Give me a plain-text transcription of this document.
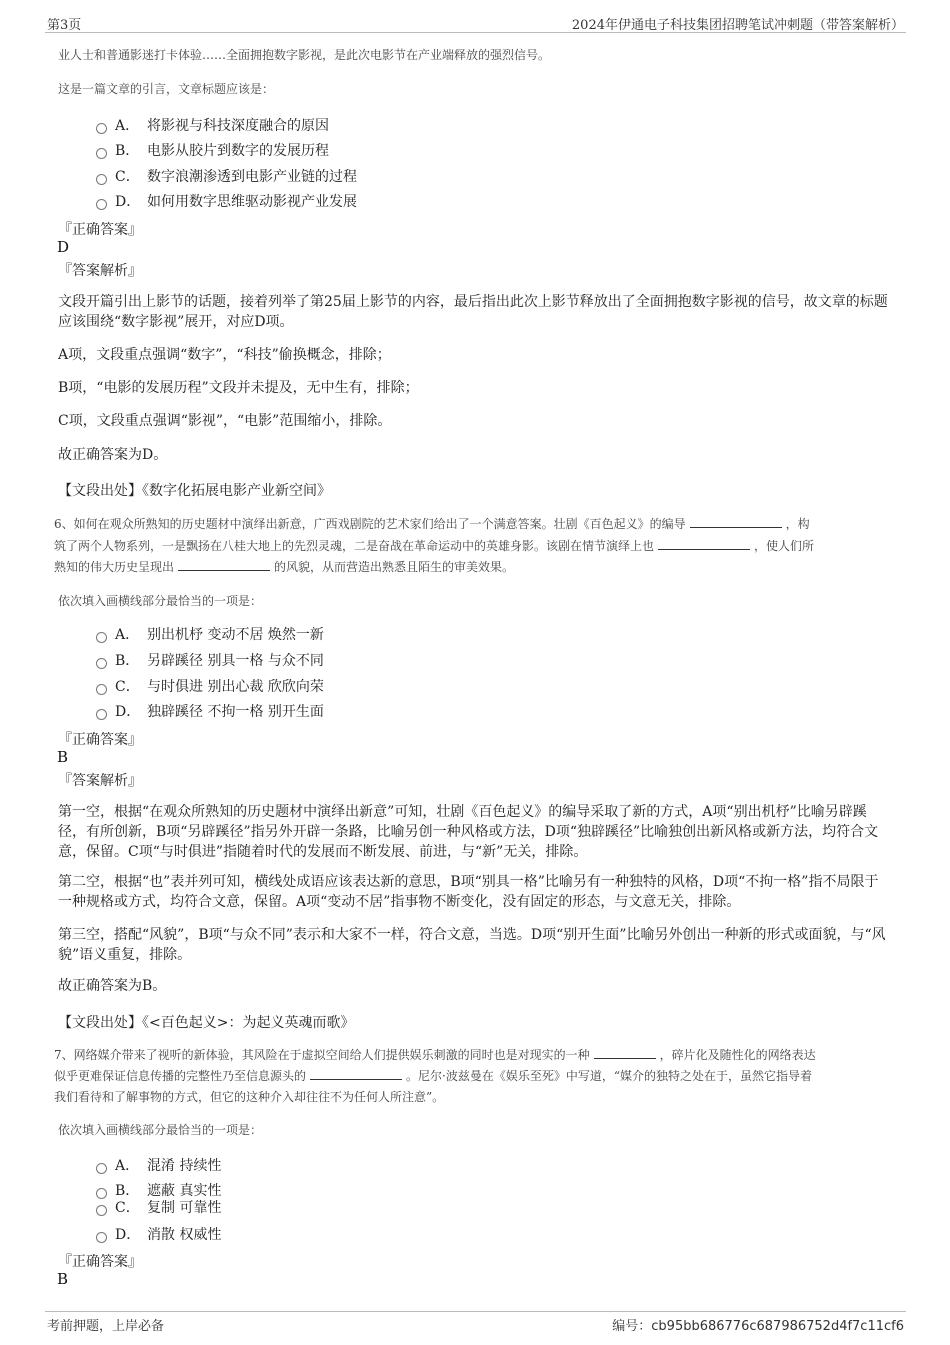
第3页	2024年伊通电子科技集团招聘笔试冲刺题（带答案解析）
业人士和普通影迷打卡体验……全面拥抱数字影视，是此次电影节在产业端释放的强烈信号。
这是一篇文章的引言，文章标题应该是：
A． 将影视与科技深度融合的原因
B． 电影从胶片到数字的发展历程
C． 数字浪潮渗透到电影产业链的过程
D． 如何用数字思维驱动影视产业发展
『正确答案』
D
『答案解析』
文段开篇引出上影节的话题，接着列举了第25届上影节的内容，最后指出此次上影节释放出了全面拥抱数字影视的信号，故文章的标题应该围绕“数字影视”展开，对应D项。
A项，文段重点强调“数字”，“科技”偷换概念，排除；
B项，“电影的发展历程”文段并未提及，无中生有，排除；
C项，文段重点强调“影视”，“电影”范围缩小，排除。
故正确答案为D。
【文段出处】《数字化拓展电影产业新空间》
6、如何在观众所熟知的历史题材中演绎出新意，广西戏剧院的艺术家们给出了一个满意答案。壮剧《百色起义》的编导	，构
筑了两个人物系列，一是飘扬在八桂大地上的先烈灵魂，二是奋战在革命运动中的英雄身影。该剧在情节演绎上也	，使人们所
熟知的伟大历史呈现出	的风貌，从而营造出熟悉且陌生的审美效果。
依次填入画横线部分最恰当的一项是：
A． 别出机杼 变动不居 焕然一新
B． 另辟蹊径 别具一格 与众不同
C． 与时俱进 别出心裁 欣欣向荣
D． 独辟蹊径 不拘一格 别开生面
『正确答案』
B
『答案解析』
第一空，根据“在观众所熟知的历史题材中演绎出新意”可知，壮剧《百色起义》的编导采取了新的方式，A项“别出机杼”比喻另辟蹊径，有所创新，B项“另辟蹊径”指另外开辟一条路，比喻另创一种风格或方法，D项“独辟蹊径”比喻独创出新风格或新方法，均符合文意，保留。C项“与时俱进”指随着时代的发展而不断发展、前进，与“新”无关，排除。
第二空，根据“也”表并列可知，横线处成语应该表达新的意思，B项“别具一格”比喻另有一种独特的风格，D项“不拘一格”指不局限于一种规格或方式，均符合文意，保留。A项“变动不居”指事物不断变化，没有固定的形态，与文意无关，排除。
第三空，搭配“风貌”，B项“与众不同”表示和大家不一样，符合文意，当选。D项“别开生面”比喻另外创出一种新的形式或面貌，与“风貌”语义重复，排除。
故正确答案为B。
【文段出处】《<百色起义>：为起义英魂而歌》
7、网络媒介带来了视听的新体验，其风险在于虚拟空间给人们提供娱乐刺激的同时也是对现实的一种	，碎片化及随性化的网络表达
似乎更难保证信息传播的完整性乃至信息源头的	。尼尔·波兹曼在《娱乐至死》中写道，“媒介的独特之处在于，虽然它指导着
我们看待和了解事物的方式，但它的这种介入却往往不为任何人所注意”。
依次填入画横线部分最恰当的一项是：
A． 混淆 持续性
B． 遮蔽 真实性
C． 复制 可靠性
D． 消散 权威性
『正确答案』
B
考前押题，上岸必备	编号：cb95bb686776c687986752d4f7c11cf6
